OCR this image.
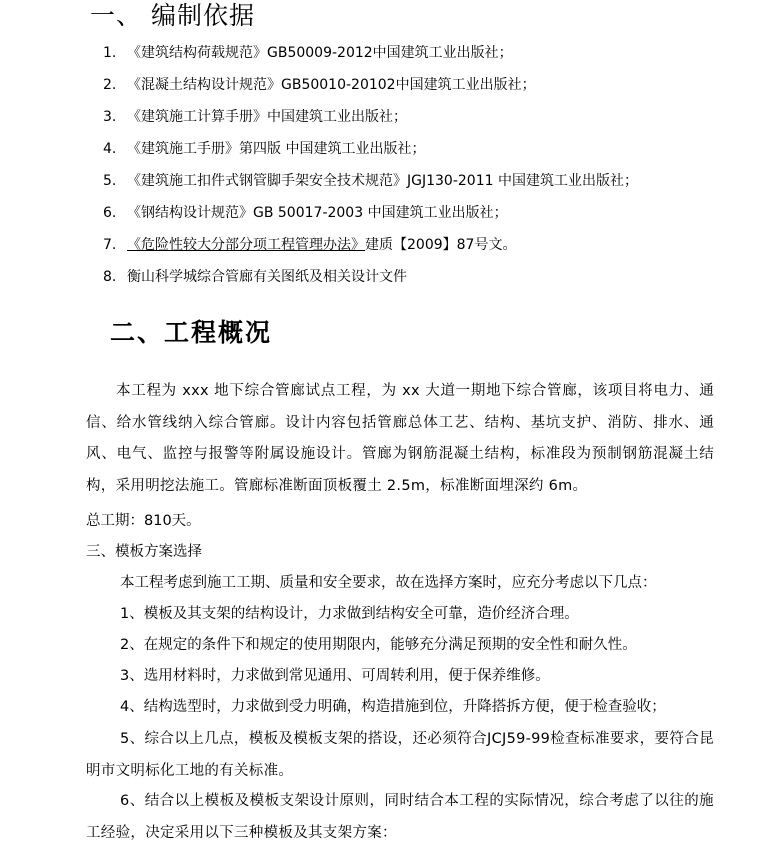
一、 编制依据
1. 《建筑结构荷载规范》GB50009-2012中国建筑工业出版社；
2. 《混凝土结构设计规范》GB50010-20102中国建筑工业出版社；
3. 《建筑施工计算手册》中国建筑工业出版社；
4. 《建筑施工手册》第四版 中国建筑工业出版社；
5. 《建筑施工扣件式钢管脚手架安全技术规范》JGJ130-2011 中国建筑工业出版社；
6. 《钢结构设计规范》GB 50017-2003 中国建筑工业出版社；
7. 《危险性较大分部分项工程管理办法》建质【2009】87号文。
8. 衡山科学城综合管廊有关图纸及相关设计文件
二、工程概况

本工程为 xxx 地下综合管廊试点工程，为 xx 大道一期地下综合管廊，该项目将电力、通信、给水管线纳入综合管廊。设计内容包括管廊总体工艺、结构、基坑支护、消防、排水、通风、电气、监控与报警等附属设施设计。管廊为钢筋混凝土结构，标准段为预制钢筋混凝土结构，采用明挖法施工。管廊标准断面顶板覆土 2.5m，标准断面埋深约 6m。

总工期：810天。
三、模板方案选择
本工程考虑到施工工期、质量和安全要求，故在选择方案时，应充分考虑以下几点：
1、模板及其支架的结构设计，力求做到结构安全可靠，造价经济合理。
2、在规定的条件下和规定的使用期限内，能够充分满足预期的安全性和耐久性。
3、选用材料时，力求做到常见通用、可周转利用，便于保养维修。
4、结构选型时，力求做到受力明确，构造措施到位，升降搭拆方便，便于检查验收；

5、综合以上几点，模板及模板支架的搭设，还必须符合JCJ59-99检查标准要求，要符合昆明市文明标化工地的有关标准。

6、结合以上模板及模板支架设计原则，同时结合本工程的实际情况，综合考虑了以往的施工经验，决定采用以下三种模板及其支架方案：
